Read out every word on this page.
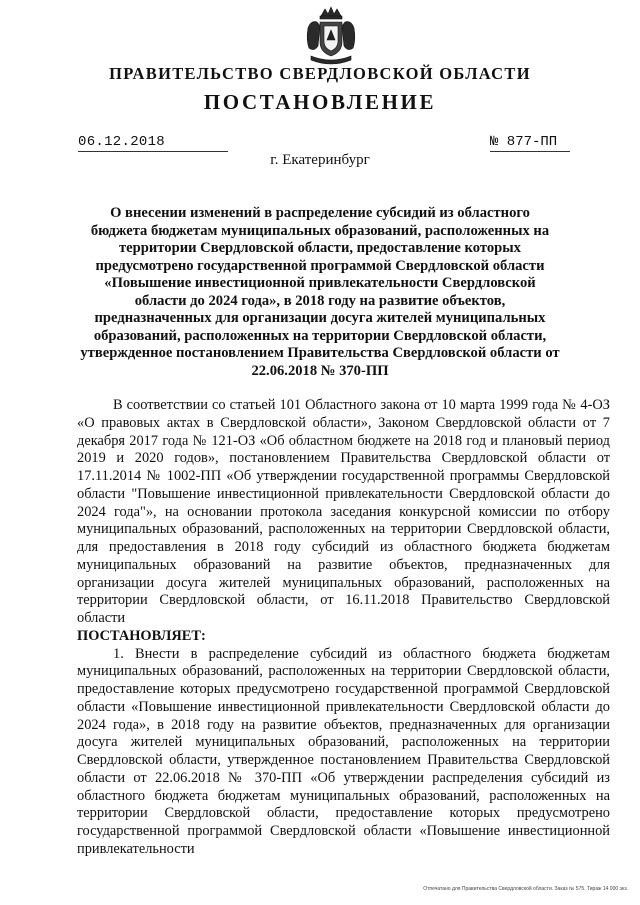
ПРАВИТЕЛЬСТВО СВЕРДЛОВСКОЙ ОБЛАСТИ
ПОСТАНОВЛЕНИЕ
06.12.2018	№ 877-ПП
г. Екатеринбург

О внесении изменений в распределение субсидий из областного бюджета бюджетам муниципальных образований, расположенных на территории Свердловской области, предоставление которых предусмотрено государственной программой Свердловской области «Повышение инвестиционной привлекательности Свердловской области до 2024 года», в 2018 году на развитие объектов, предназначенных для организации досуга жителей муниципальных образований, расположенных на территории Свердловской области, утвержденное постановлением Правительства Свердловской области от 22.06.2018 № 370-ПП

В соответствии со статьей 101 Областного закона от 10 марта 1999 года № 4-ОЗ «О правовых актах в Свердловской области», Законом Свердловской области от 7 декабря 2017 года № 121-ОЗ «Об областном бюджете на 2018 год и плановый период 2019 и 2020 годов», постановлением Правительства Свердловской области от 17.11.2014 № 1002-ПП «Об утверждении государственной программы Свердловской области "Повышение инвестиционной привлекательности Свердловской области до 2024 года"», на основании протокола заседания конкурсной комиссии по отбору муниципальных образований, расположенных на территории Свердловской области, для предоставления в 2018 году субсидий из областного бюджета бюджетам муниципальных образований на развитие объектов, предназначенных для организации досуга жителей муниципальных образований, расположенных на территории Свердловской области, от 16.11.2018 Правительство Свердловской области

ПОСТАНОВЛЯЕТ:

1. Внести в распределение субсидий из областного бюджета бюджетам муниципальных образований, расположенных на территории Свердловской области, предоставление которых предусмотрено государственной программой Свердловской области «Повышение инвестиционной привлекательности Свердловской области до 2024 года», в 2018 году на развитие объектов, предназначенных для организации досуга жителей муниципальных образований, расположенных на территории Свердловской области, утвержденное постановлением Правительства Свердловской области от 22.06.2018 № 370-ПП «Об утверждении распределения субсидий из областного бюджета бюджетам муниципальных образований, расположенных на территории Свердловской области, предоставление которых предусмотрено государственной программой Свердловской области «Повышение инвестиционной привлекательности

Отпечатано для Правительства Свердловской области. Заказ № 575. Тираж 14 000 экз.
